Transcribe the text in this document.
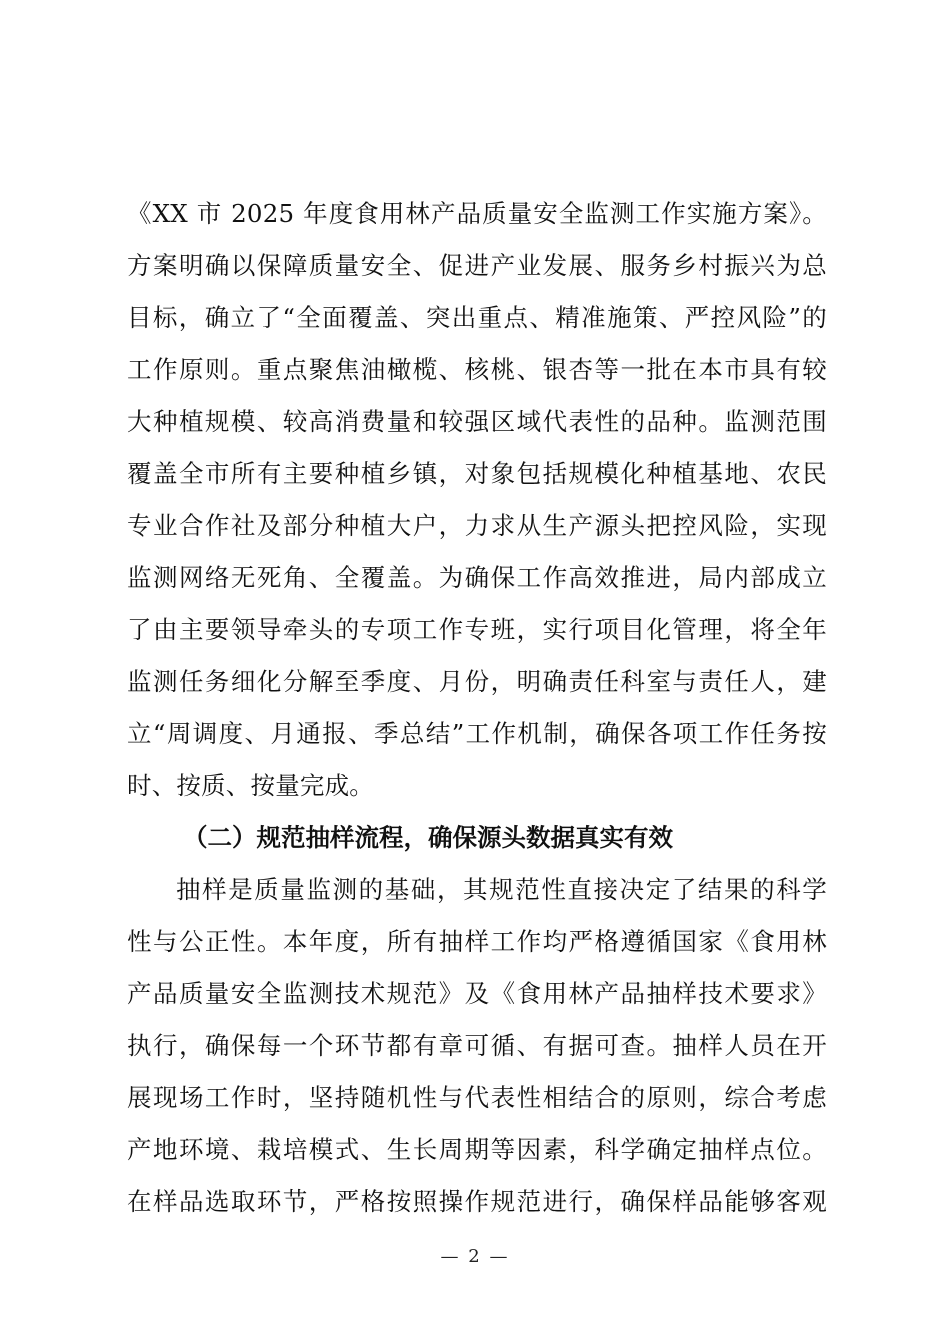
《XX 市 2025 年度食用林产品质量安全监测工作实施方案》。
方案明确以保障质量安全、促进产业发展、服务乡村振兴为总
目标，确立了“全面覆盖、突出重点、精准施策、严控风险”的
工作原则。重点聚焦油橄榄、核桃、银杏等一批在本市具有较
大种植规模、较高消费量和较强区域代表性的品种。监测范围
覆盖全市所有主要种植乡镇，对象包括规模化种植基地、农民
专业合作社及部分种植大户，力求从生产源头把控风险，实现
监测网络无死角、全覆盖。为确保工作高效推进，局内部成立
了由主要领导牵头的专项工作专班，实行项目化管理，将全年
监测任务细化分解至季度、月份，明确责任科室与责任人，建
立“周调度、月通报、季总结”工作机制，确保各项工作任务按
时、按质、按量完成。
（二）规范抽样流程，确保源头数据真实有效
抽样是质量监测的基础，其规范性直接决定了结果的科学
性与公正性。本年度，所有抽样工作均严格遵循国家《食用林
产品质量安全监测技术规范》及《食用林产品抽样技术要求》
执行，确保每一个环节都有章可循、有据可查。抽样人员在开
展现场工作时，坚持随机性与代表性相结合的原则，综合考虑
产地环境、栽培模式、生长周期等因素，科学确定抽样点位。
在样品选取环节，严格按照操作规范进行，确保样品能够客观
— 2 —
